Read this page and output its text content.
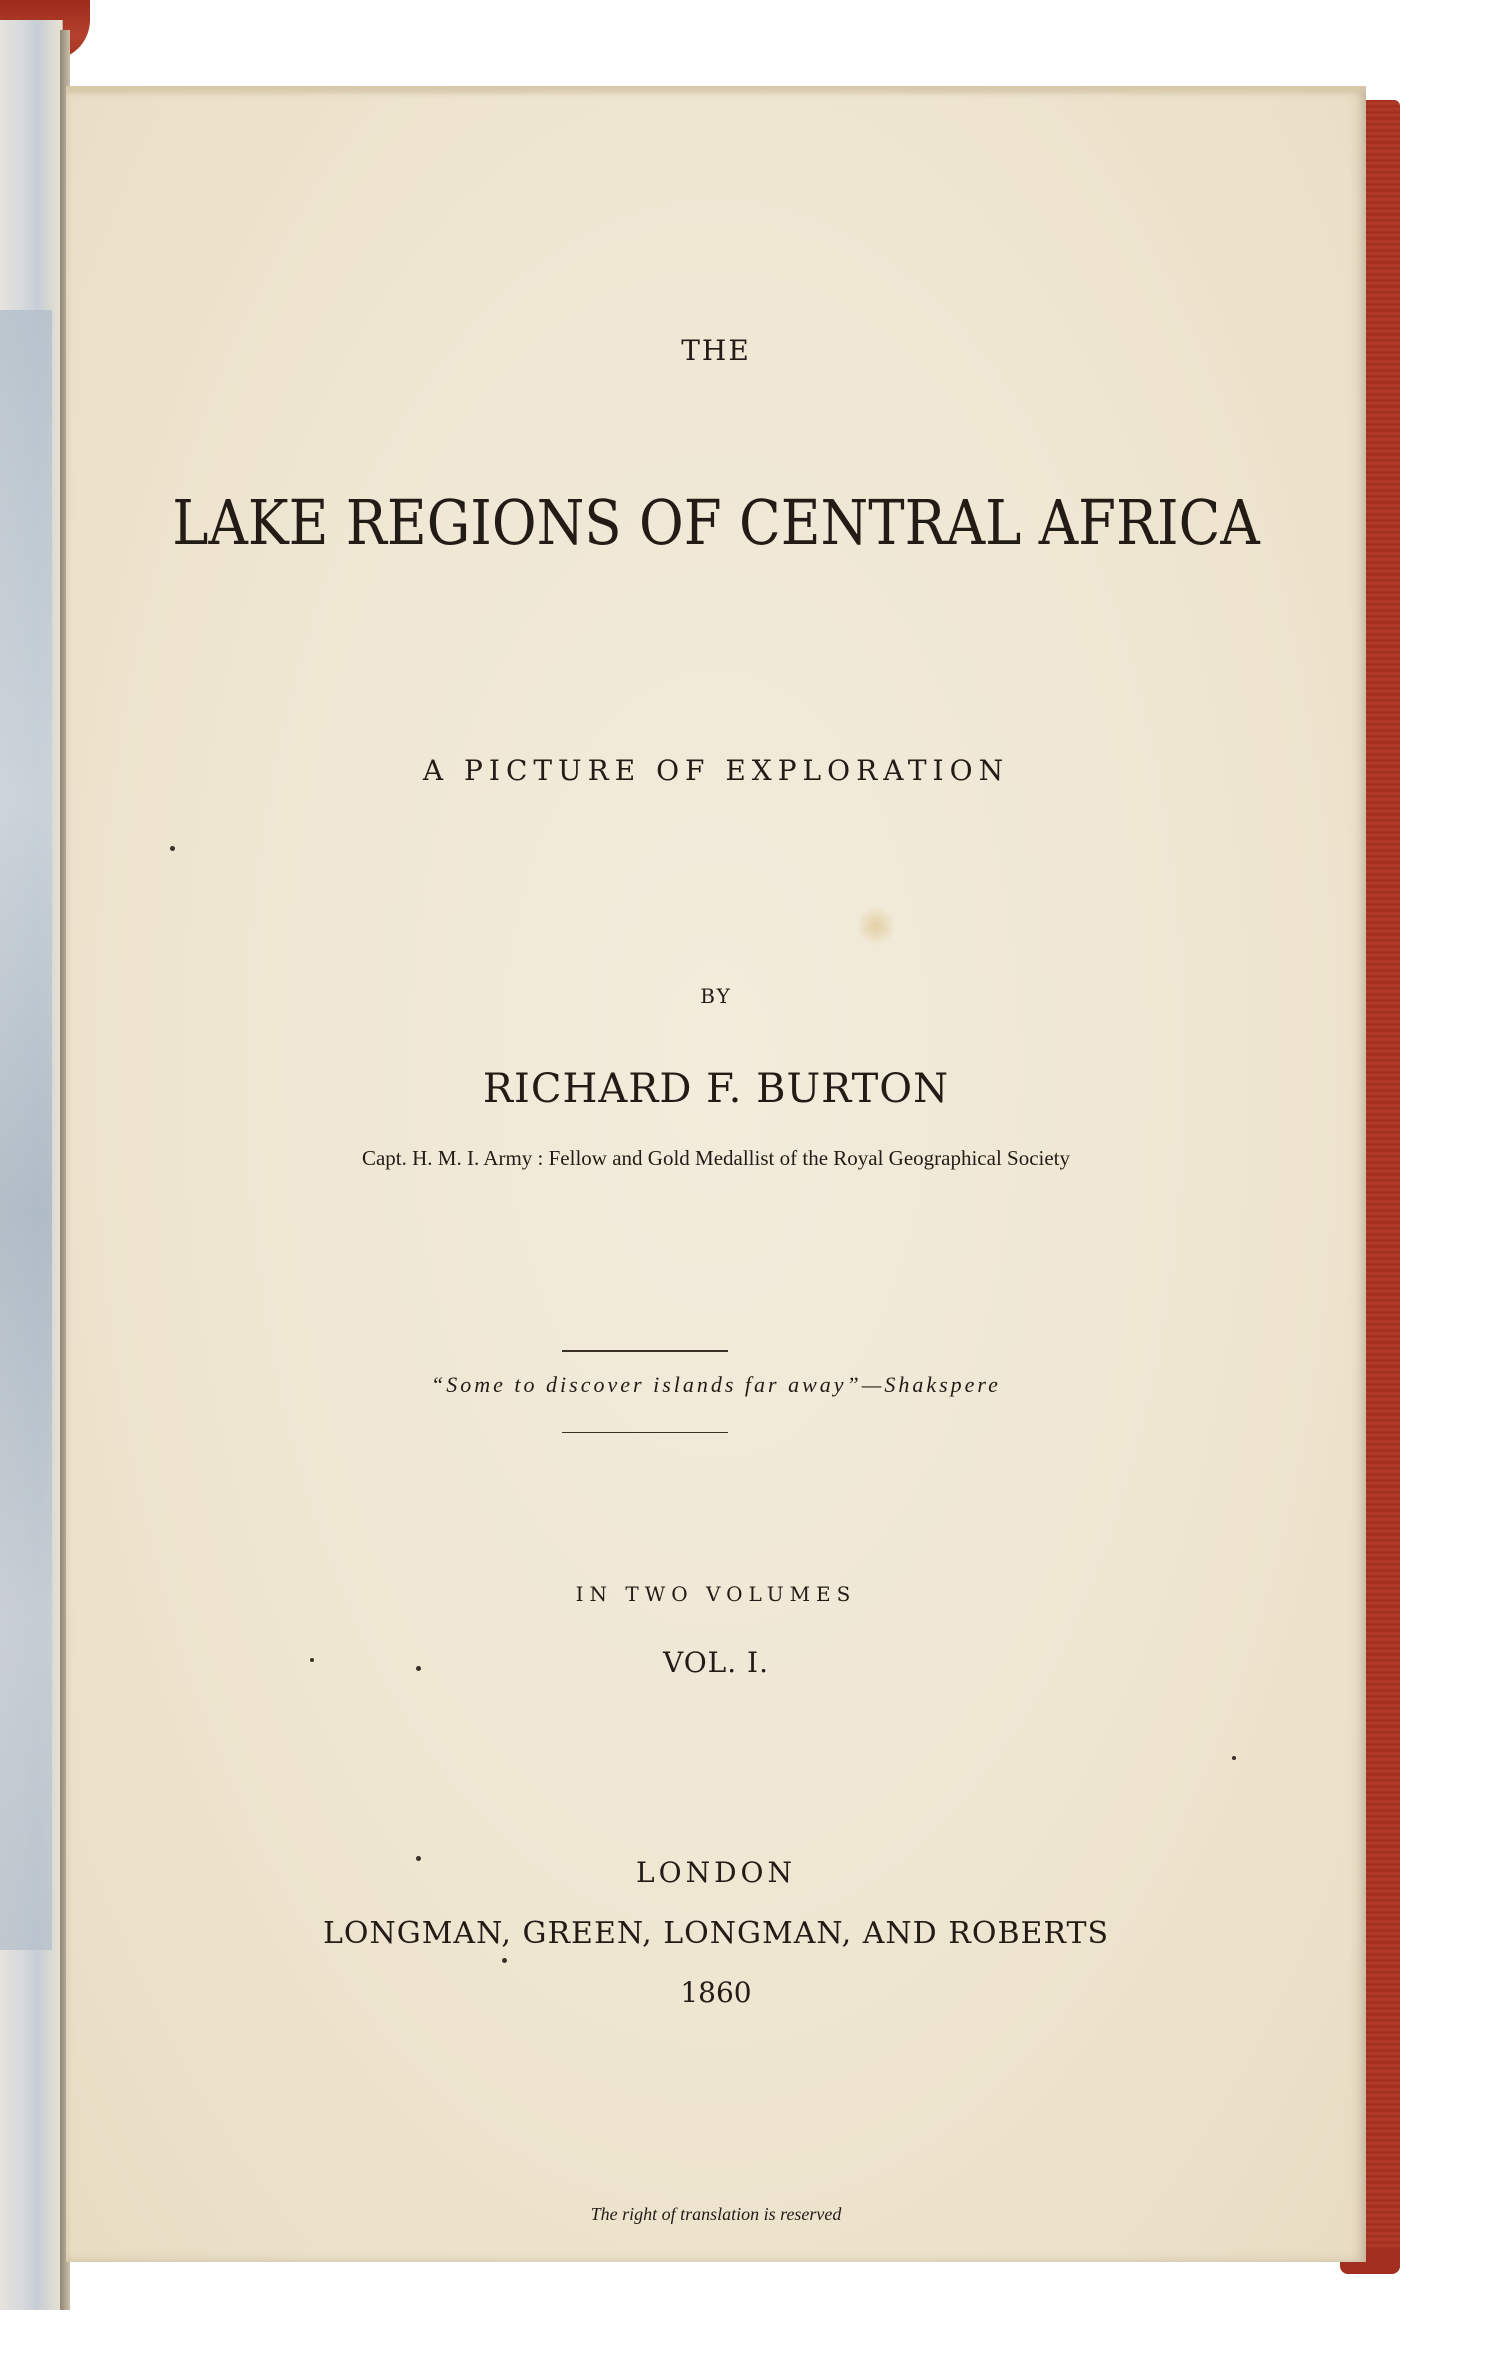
THE
LAKE REGIONS OF CENTRAL AFRICA
A PICTURE OF EXPLORATION
BY
RICHARD F. BURTON
Capt. H. M. I. Army : Fellow and Gold Medallist of the Royal Geographical Society
“Some to discover islands far away”—Shakspere
IN TWO VOLUMES
VOL. I.
LONDON
LONGMAN, GREEN, LONGMAN, AND ROBERTS
1860
The right of translation is reserved
